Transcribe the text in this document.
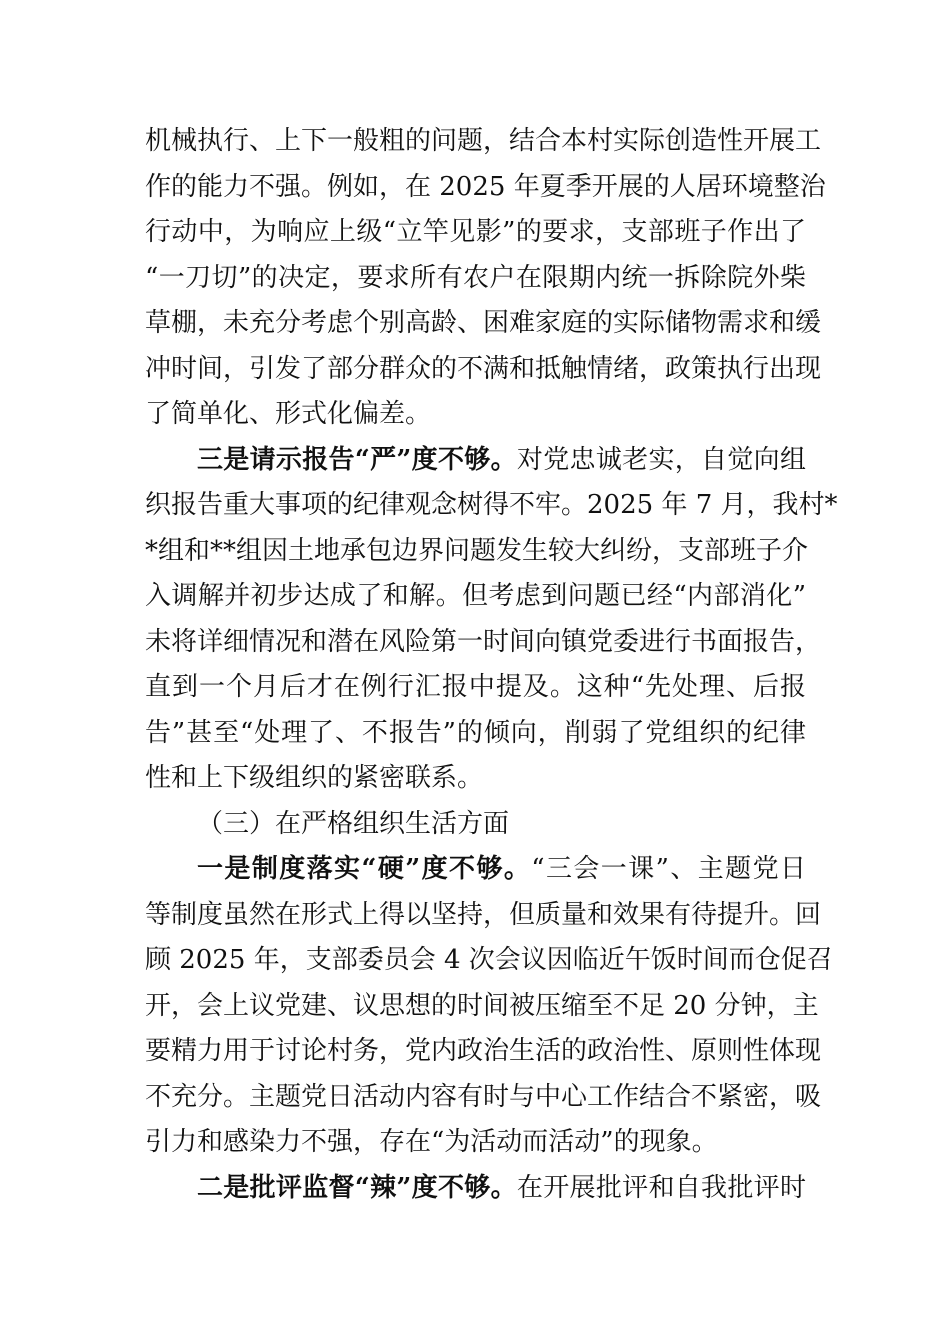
机械执行、上下一般粗的问题，结合本村实际创造性开展工
作的能力不强。例如，在 2025 年夏季开展的人居环境整治
行动中，为响应上级“立竿见影”的要求，支部班子作出了
“一刀切”的决定，要求所有农户在限期内统一拆除院外柴
草棚，未充分考虑个别高龄、困难家庭的实际储物需求和缓
冲时间，引发了部分群众的不满和抵触情绪，政策执行出现
了简单化、形式化偏差。
三是请示报告“严”度不够。对党忠诚老实，自觉向组
织报告重大事项的纪律观念树得不牢。2025 年 7 月，我村*
*组和**组因土地承包边界问题发生较大纠纷，支部班子介
入调解并初步达成了和解。但考虑到问题已经“内部消化”
未将详细情况和潜在风险第一时间向镇党委进行书面报告，
直到一个月后才在例行汇报中提及。这种“先处理、后报
告”甚至“处理了、不报告”的倾向，削弱了党组织的纪律
性和上下级组织的紧密联系。
（三）在严格组织生活方面
一是制度落实“硬”度不够。“三会一课”、主题党日
等制度虽然在形式上得以坚持，但质量和效果有待提升。回
顾 2025 年，支部委员会 4 次会议因临近午饭时间而仓促召
开，会上议党建、议思想的时间被压缩至不足 20 分钟，主
要精力用于讨论村务，党内政治生活的政治性、原则性体现
不充分。主题党日活动内容有时与中心工作结合不紧密，吸
引力和感染力不强，存在“为活动而活动”的现象。
二是批评监督“辣”度不够。在开展批评和自我批评时
